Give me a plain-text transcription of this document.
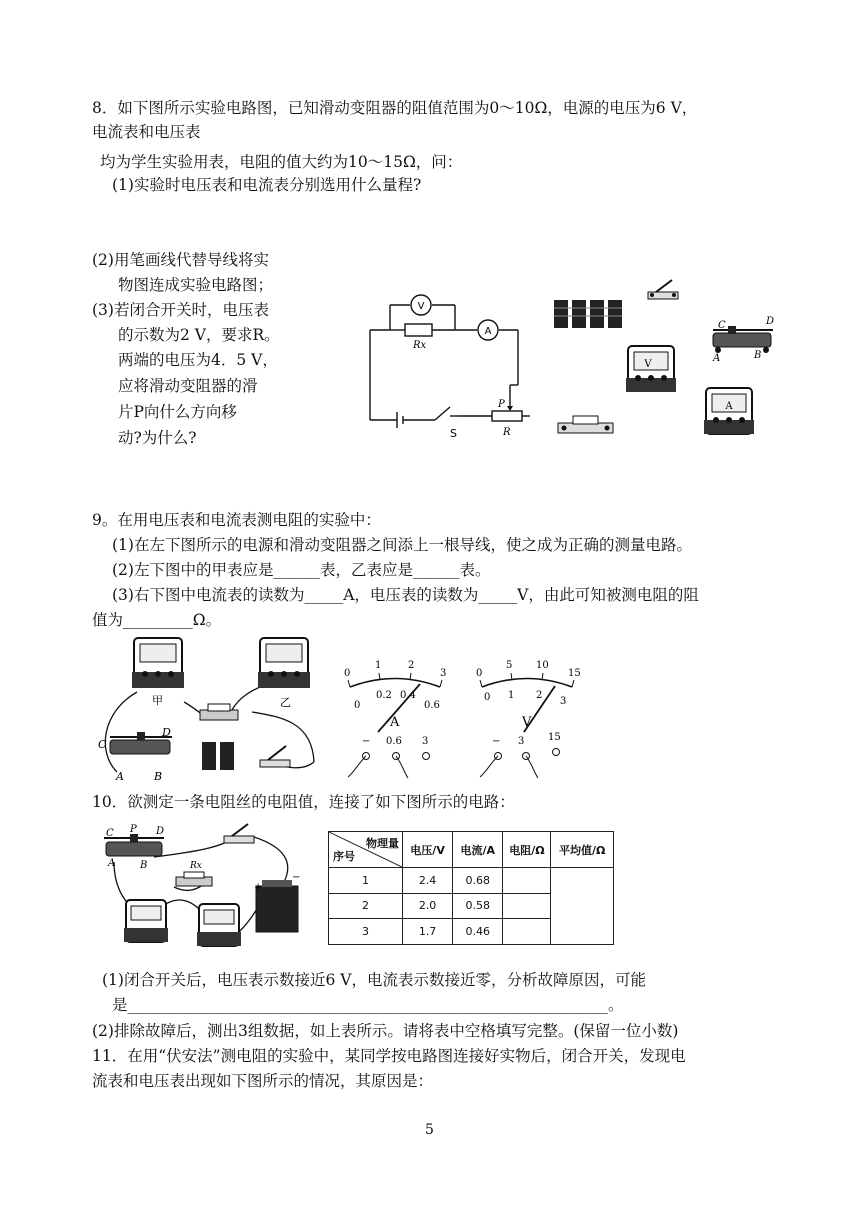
8．如下图所示实验电路图，已知滑动变阻器的阻值范围为0～10Ω，电源的电压为6 V，
电流表和电压表
均为学生实验用表，电阻的值大约为10～15Ω，问：
(1)实验时电压表和电流表分别选用什么量程?
(2)用笔画线代替导线将实
物图连成实验电路图；
(3)若闭合开关时，电压表
的示数为2 V，要求R。
两端的电压为4．5 V，
应将滑动变阻器的滑
片P向什么方向移
动?为什么?
V
A
Rx
P
R
S
C	D
A	B
V
A
9。在用电压表和电流表测电阻的实验中：
(1)在左下图所示的电源和滑动变阻器之间添上一根导线，使之成为正确的测量电路。
(2)左下图中的甲表应是______表，乙表应是______表。
(3)右下图中电流表的读数为_____A，电压表的读数为_____V，由此可知被测电阻的阻
值为_________Ω。
甲	乙
C
D
A	B
0
1	2
3
0
0.2 0.4
0.6
A
− 0.6 3
0
5 10
15
0 1 2
3
V
− 3 15
10．欲测定一条电阻丝的电阻值，连接了如下图所示的电路：
C P D
A B	Rx
+
−
物理量
序号	电压/V	电流/A	电阻/Ω	平均值/Ω
1	2.4	0.68		
2	2.0	0.58		
3	1.7	0.46		
(1)闭合开关后，电压表示数接近6 V，电流表示数接近零，分析故障原因，可能
是______________________________________________________________。
(2)排除故障后，测出3组数据，如上表所示。请将表中空格填写完整。(保留一位小数)
11．在用“伏安法”测电阻的实验中，某同学按电路图连接好实物后，闭合开关，发现电
流表和电压表出现如下图所示的情况，其原因是：
5
